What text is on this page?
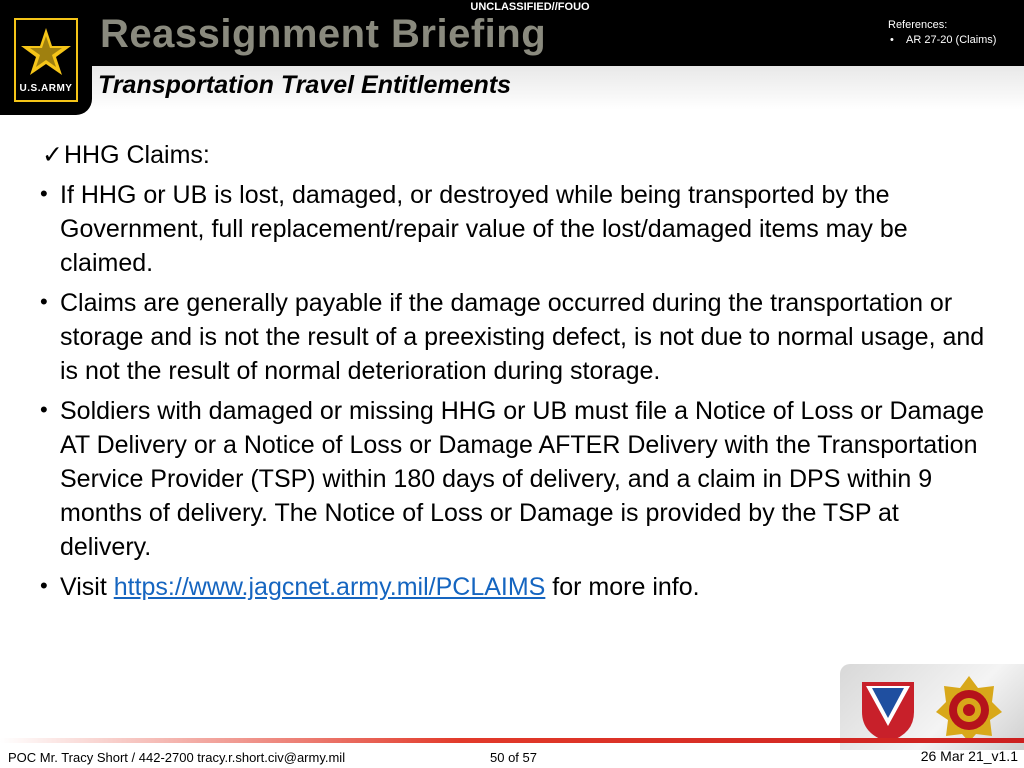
UNCLASSIFIED//FOUO
Reassignment Briefing	References:
• AR 27-20 (Claims)
U.S.ARMY Transportation Travel Entitlements
✓HHG Claims:
• If HHG or UB is lost, damaged, or destroyed while being transported by the Government, full replacement/repair value of the lost/damaged items may be claimed.
• Claims are generally payable if the damage occurred during the transportation or storage and is not the result of a preexisting defect, is not due to normal usage, and is not the result of normal deterioration during storage.
• Soldiers with damaged or missing HHG or UB must file a Notice of Loss or Damage AT Delivery or a Notice of Loss or Damage AFTER Delivery with the Transportation Service Provider (TSP) within 180 days of delivery, and a claim in DPS within 9 months of delivery. The Notice of Loss or Damage is provided by the TSP at delivery.
• Visit https://www.jagcnet.army.mil/PCLAIMS for more info.
POC Mr. Tracy Short / 442-2700 tracy.r.short.civ@army.mil	50 of 57	26 Mar 21_v1.1
